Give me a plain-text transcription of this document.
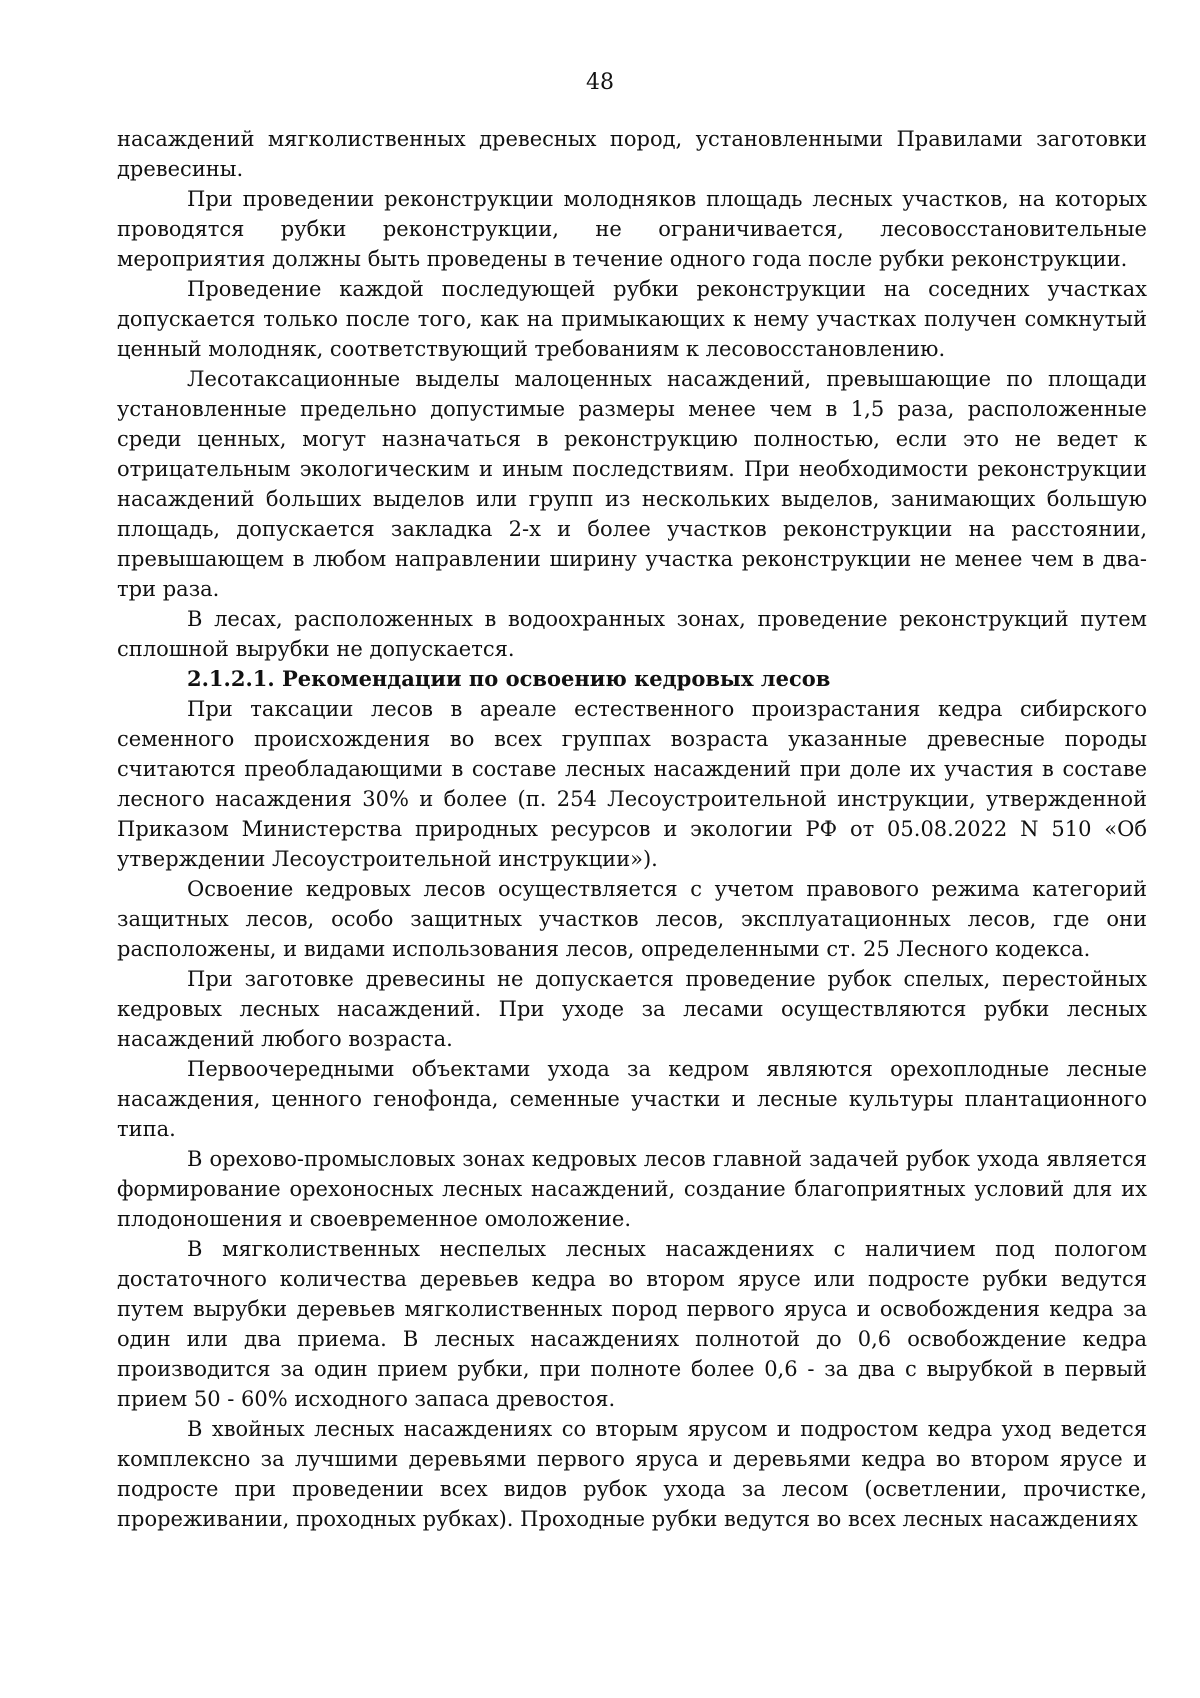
48

насаждений мягколиственных древесных пород, установленными Правилами заготовки древесины.

При проведении реконструкции молодняков площадь лесных участков, на которых проводятся рубки реконструкции, не ограничивается, лесовосстановительные мероприятия должны быть проведены в течение одного года после рубки реконструкции.

Проведение каждой последующей рубки реконструкции на соседних участках допускается только после того, как на примыкающих к нему участках получен сомкнутый ценный молодняк, соответствующий требованиям к лесовосстановлению.

Лесотаксационные выделы малоценных насаждений, превышающие по площади установленные предельно допустимые размеры менее чем в 1,5 раза, расположенные среди ценных, могут назначаться в реконструкцию полностью, если это не ведет к отрицательным экологическим и иным последствиям. При необходимости реконструкции насаждений больших выделов или групп из нескольких выделов, занимающих большую площадь, допускается закладка 2-х и более участков реконструкции на расстоянии, превышающем в любом направлении ширину участка реконструкции не менее чем в два-три раза.

В лесах, расположенных в водоохранных зонах, проведение реконструкций путем сплошной вырубки не допускается.

2.1.2.1. Рекомендации по освоению кедровых лесов

При таксации лесов в ареале естественного произрастания кедра сибирского семенного происхождения во всех группах возраста указанные древесные породы считаются преобладающими в составе лесных насаждений при доле их участия в составе лесного насаждения 30% и более (п. 254 Лесоустроительной инструкции, утвержденной Приказом Министерства природных ресурсов и экологии РФ от 05.08.2022 N 510 «Об утверждении Лесоустроительной инструкции»).

Освоение кедровых лесов осуществляется с учетом правового режима категорий защитных лесов, особо защитных участков лесов, эксплуатационных лесов, где они расположены, и видами использования лесов, определенными ст. 25 Лесного кодекса.

При заготовке древесины не допускается проведение рубок спелых, перестойных кедровых лесных насаждений. При уходе за лесами осуществляются рубки лесных насаждений любого возраста.

Первоочередными объектами ухода за кедром являются орехоплодные лесные насаждения, ценного генофонда, семенные участки и лесные культуры плантационного типа.

В орехово-промысловых зонах кедровых лесов главной задачей рубок ухода является формирование орехоносных лесных насаждений, создание благоприятных условий для их плодоношения и своевременное омоложение.

В мягколиственных неспелых лесных насаждениях с наличием под пологом достаточного количества деревьев кедра во втором ярусе или подросте рубки ведутся путем вырубки деревьев мягколиственных пород первого яруса и освобождения кедра за один или два приема. В лесных насаждениях полнотой до 0,6 освобождение кедра производится за один прием рубки, при полноте более 0,6 - за два с вырубкой в первый прием 50 - 60% исходного запаса древостоя.

В хвойных лесных насаждениях со вторым ярусом и подростом кедра уход ведется комплексно за лучшими деревьями первого яруса и деревьями кедра во втором ярусе и подросте при проведении всех видов рубок ухода за лесом (осветлении, прочистке, прореживании, проходных рубках). Проходные рубки ведутся во всех лесных насаждениях
